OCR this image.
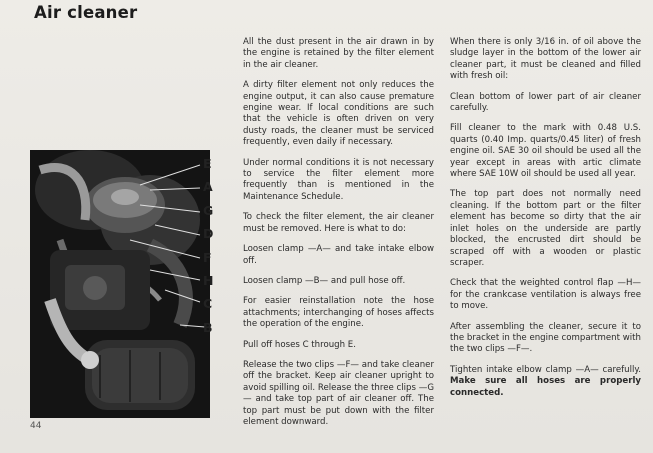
Air cleaner
E
A
G
D
F
H
C
B

All the dust present in the air drawn in by the engine is retained by the filter element in the air cleaner.

A dirty filter element not only reduces the engine output, it can also cause premature engine wear. If local conditions are such that the vehicle is often driven on very dusty roads, the cleaner must be serviced frequently, even daily if necessary.

Under normal conditions it is not necessary to service the filter element more frequently than is mentioned in the Maintenance Schedule.

To check the filter element, the air cleaner must be removed. Here is what to do:

Loosen clamp —A— and take intake elbow off.

Loosen clamp —B— and pull hose off.

For easier reinstallation note the hose attachments; interchanging of hoses affects the operation of the engine.

Pull off hoses C through E.

Release the two clips —F— and take cleaner off the bracket. Keep air cleaner upright to avoid spilling oil. Release the three clips —G— and take top part of air cleaner off. The top part must be put down with the filter element downward.

When there is only 3/16 in. of oil above the sludge layer in the bottom of the lower air cleaner part, it must be cleaned and filled with fresh oil:

Clean bottom of lower part of air cleaner carefully.

Fill cleaner to the mark with 0.48 U.S. quarts (0.40 Imp. quarts/0.45 liter) of fresh engine oil. SAE 30 oil should be used all the year except in areas with artic climate where SAE 10W oil should be used all year.

The top part does not normally need cleaning. If the bottom part or the filter element has become so dirty that the air inlet holes on the underside are partly blocked, the encrusted dirt should be scraped off with a wooden or plastic scraper.

Check that the weighted control flap —H— for the crankcase ventilation is always free to move.

After assembling the cleaner, secure it to the bracket in the engine compartment with the two clips —F—.

Tighten intake elbow clamp —A— carefully. Make sure all hoses are properly connected.

44
